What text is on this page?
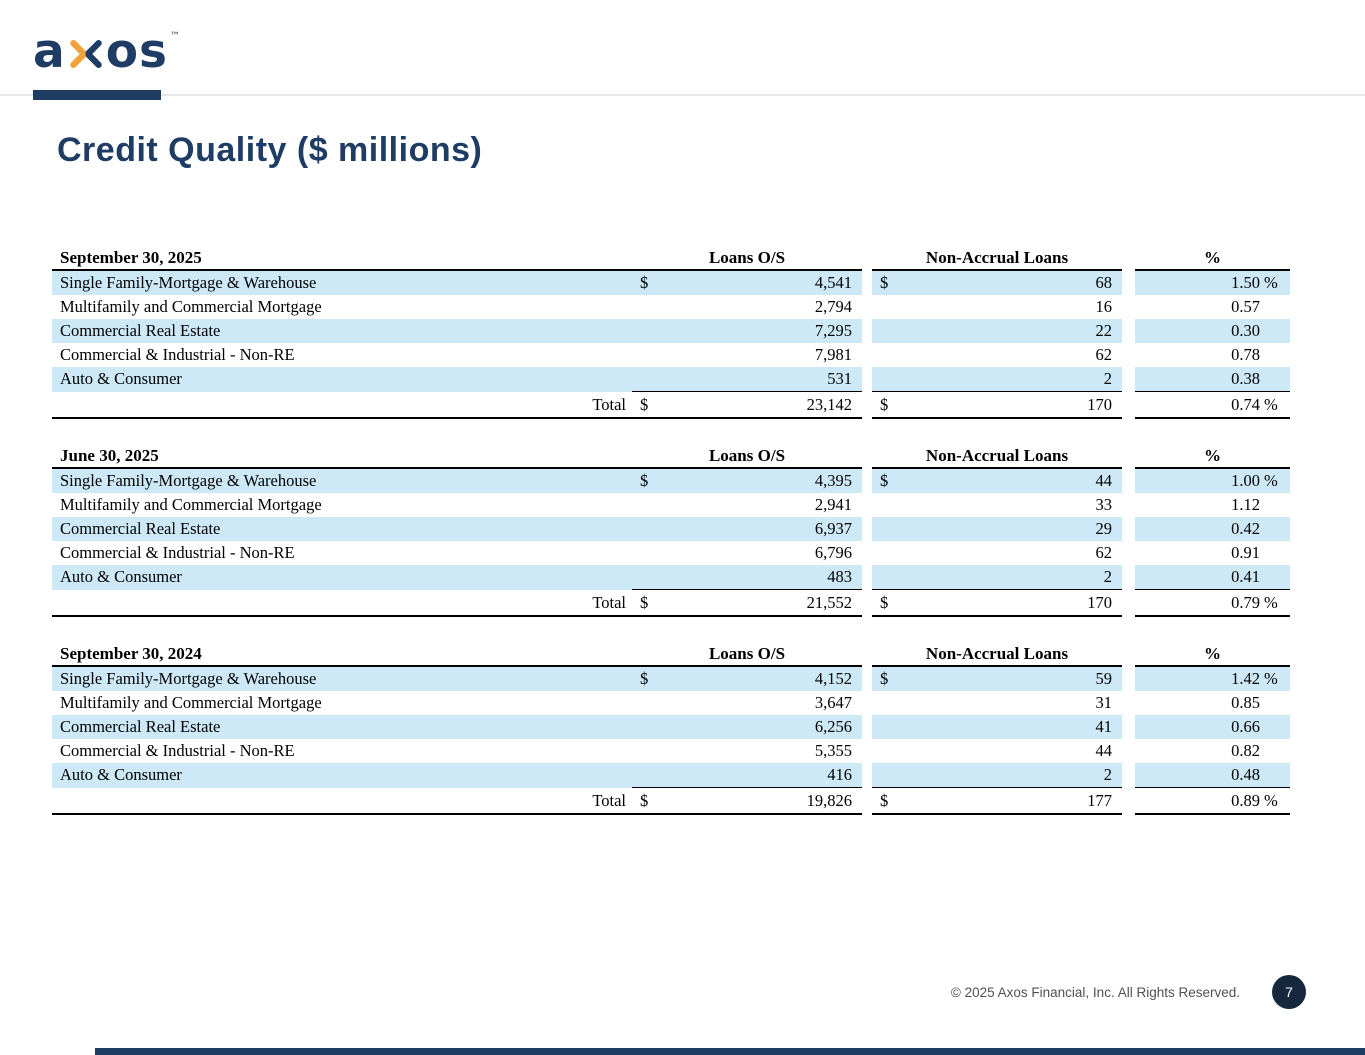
a os ™
Credit Quality ($ millions)
September 30, 2025	Loans O/S			Non-Accrual Loans			%	
Single Family-Mortgage & Warehouse	$	4,541		$	68		1.50	%
Multifamily and Commercial Mortgage		2,794			16		0.57	
Commercial Real Estate		7,295			22		0.30	
Commercial & Industrial - Non-RE		7,981			62		0.78	
Auto & Consumer		531			2		0.38	
Total	$	23,142		$	170		0.74	%
June 30, 2025	Loans O/S			Non-Accrual Loans			%	
Single Family-Mortgage & Warehouse	$	4,395		$	44		1.00	%
Multifamily and Commercial Mortgage		2,941			33		1.12	
Commercial Real Estate		6,937			29		0.42	
Commercial & Industrial - Non-RE		6,796			62		0.91	
Auto & Consumer		483			2		0.41	
Total	$	21,552		$	170		0.79	%
September 30, 2024	Loans O/S			Non-Accrual Loans			%	
Single Family-Mortgage & Warehouse	$	4,152		$	59		1.42	%
Multifamily and Commercial Mortgage		3,647			31		0.85	
Commercial Real Estate		6,256			41		0.66	
Commercial & Industrial - Non-RE		5,355			44		0.82	
Auto & Consumer		416			2		0.48	
Total	$	19,826		$	177		0.89	%
© 2025 Axos Financial, Inc. All Rights Reserved.	7
